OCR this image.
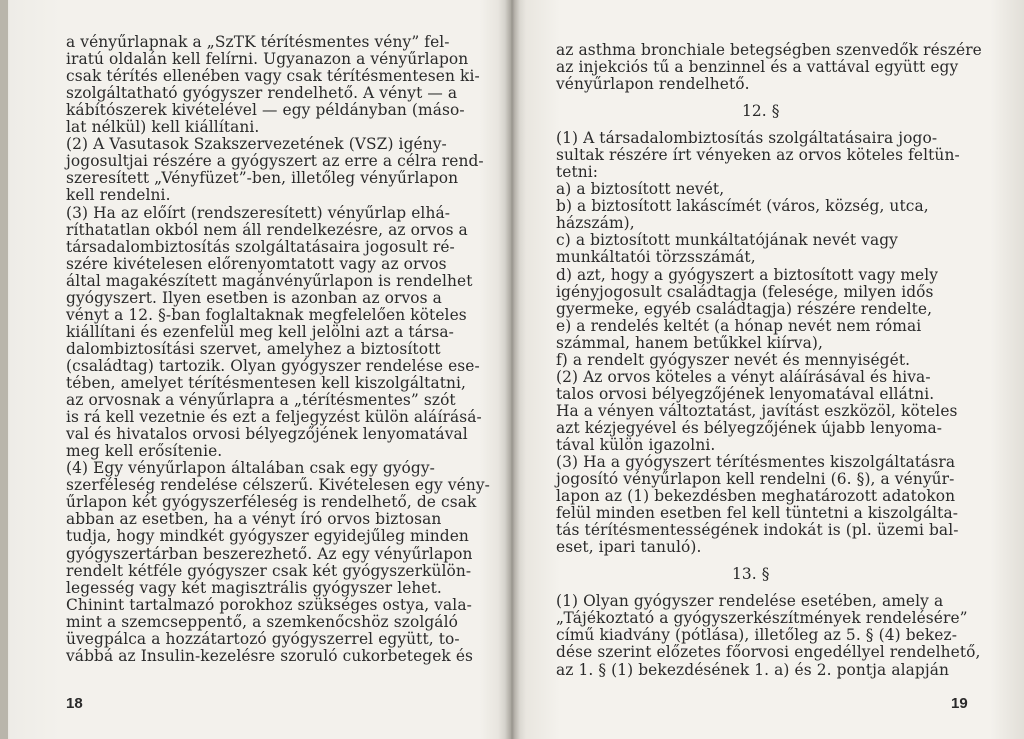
a vényűrlapnak a „SzTK térítésmentes vény” fel-
iratú oldalán kell felírni. Ugyanazon a vényűrlapon
csak térítés ellenében vagy csak térítésmentesen ki-
szolgáltatható gyógyszer rendelhető. A vényt — a
kábítószerek kivételével — egy példányban (máso-
lat nélkül) kell kiállítani.
(2) A Vasutasok Szakszervezetének (VSZ) igény-
jogosultjai részére a gyógyszert az erre a célra rend-
szeresített „Vényfüzet”-ben, illetőleg vényűrlapon
kell rendelni.
(3) Ha az előírt (rendszeresített) vényűrlap elhá-
ríthatatlan okból nem áll rendelkezésre, az orvos a
társadalombiztosítás szolgáltatásaira jogosult ré-
szére kivételesen előrenyomtatott vagy az orvos
által magakészített magánvényűrlapon is rendelhet
gyógyszert. Ilyen esetben is azonban az orvos a
vényt a 12. §-ban foglaltaknak megfelelően köteles
kiállítani és ezenfelül meg kell jelölni azt a társa-
dalombiztosítási szervet, amelyhez a biztosított
(családtag) tartozik. Olyan gyógyszer rendelése ese-
tében, amelyet térítésmentesen kell kiszolgáltatni,
az orvosnak a vényűrlapra a „térítésmentes” szót
is rá kell vezetnie és ezt a feljegyzést külön aláírásá-
val és hivatalos orvosi bélyegzőjének lenyomatával
meg kell erősítenie.
(4) Egy vényűrlapon általában csak egy gyógy-
szerféleség rendelése célszerű. Kivételesen egy vény-
űrlapon két gyógyszerféleség is rendelhető, de csak
abban az esetben, ha a vényt író orvos biztosan
tudja, hogy mindkét gyógyszer egyidejűleg minden
gyógyszertárban beszerezhető. Az egy vényűrlapon
rendelt kétféle gyógyszer csak két gyógyszerkülön-
legesség vagy két magisztrális gyógyszer lehet.
Chinint tartalmazó porokhoz szükséges ostya, vala-
mint a szemcseppentő, a szemkenőcshöz szolgáló
üvegpálca a hozzátartozó gyógyszerrel együtt, to-
vábbá az Insulin-kezelésre szoruló cukorbetegek és
az asthma bronchiale betegségben szenvedők részére
az injekciós tű a benzinnel és a vattával együtt egy
vényűrlapon rendelhető.
12. §
(1) A társadalombiztosítás szolgáltatásaira jogo-
sultak részére írt vényeken az orvos köteles feltün-
tetni:
a) a biztosított nevét,
b) a biztosított lakáscímét (város, község, utca,
házszám),
c) a biztosított munkáltatójának nevét vagy
munkáltatói törzsszámát,
d) azt, hogy a gyógyszert a biztosított vagy mely
igényjogosult családtagja (felesége, milyen idős
gyermeke, egyéb családtagja) részére rendelte,
e) a rendelés keltét (a hónap nevét nem római
számmal, hanem betűkkel kiírva),
f) a rendelt gyógyszer nevét és mennyiségét.
(2) Az orvos köteles a vényt aláírásával és hiva-
talos orvosi bélyegzőjének lenyomatával ellátni.
Ha a vényen változtatást, javítást eszközöl, köteles
azt kézjegyével és bélyegzőjének újabb lenyoma-
tával külön igazolni.
(3) Ha a gyógyszert térítésmentes kiszolgáltatásra
jogosító vényűrlapon kell rendelni (6. §), a vényűr-
lapon az (1) bekezdésben meghatározott adatokon
felül minden esetben fel kell tüntetni a kiszolgálta-
tás térítésmentességének indokát is (pl. üzemi bal-
eset, ipari tanuló).
13. §
(1) Olyan gyógyszer rendelése esetében, amely a
„Tájékoztató a gyógyszerkészítmények rendelésére”
című kiadvány (pótlása), illetőleg az 5. § (4) bekez-
dése szerint előzetes főorvosi engedéllyel rendelhető,
az 1. § (1) bekezdésének 1. a) és 2. pontja alapján
18	19
